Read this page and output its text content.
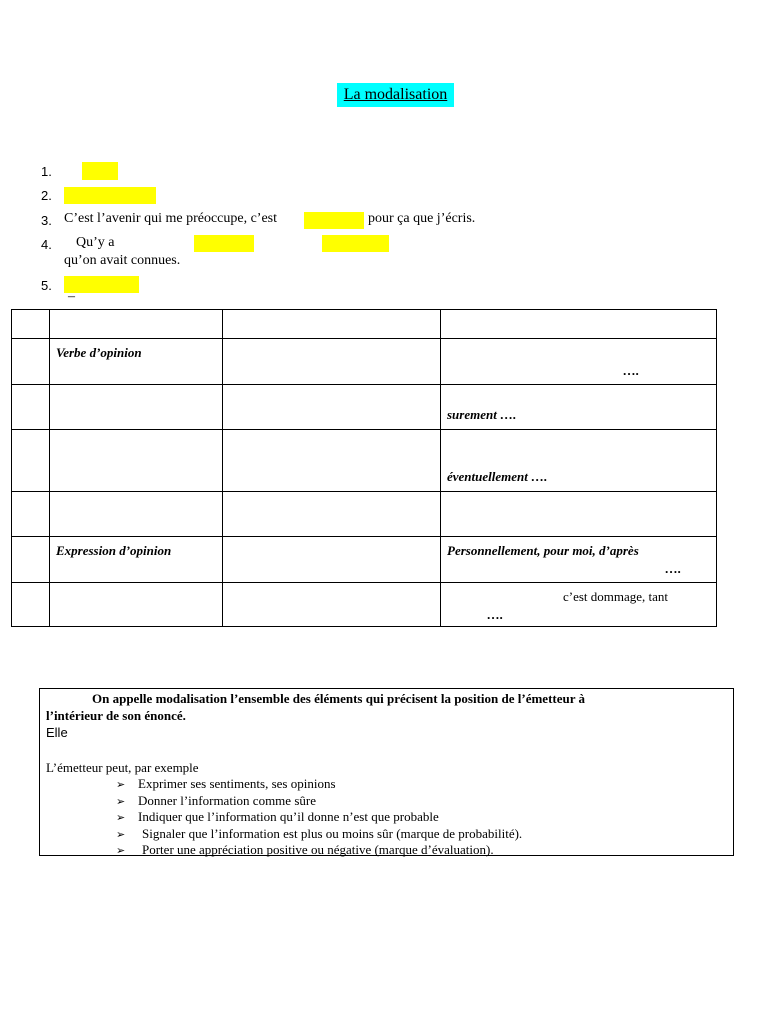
La modalisation
1.
2.
3. C’est l’avenir qui me préoccupe, c’est	pour ça que j’écris.
4. Qu’y a
qu’on avait connues.
5.
–

	Verbe d’opinion		….

			surement ….

			éventuellement ….

	Expression d’opinion		Personnellement, pour moi, d’après
….

			c’est dommage, tant
….
On appelle modalisation l’ensemble des éléments qui précisent la position de l’émetteur à
l’intérieur de son énoncé.
Elle
L’émetteur peut, par exemple
➢ Exprimer ses sentiments, ses opinions
➢ Donner l’information comme sûre
➢ Indiquer que l’information qu’il donne n’est que probable
➢ Signaler que l’information est plus ou moins sûr (marque de probabilité).
➢ Porter une appréciation positive ou négative (marque d’évaluation).
